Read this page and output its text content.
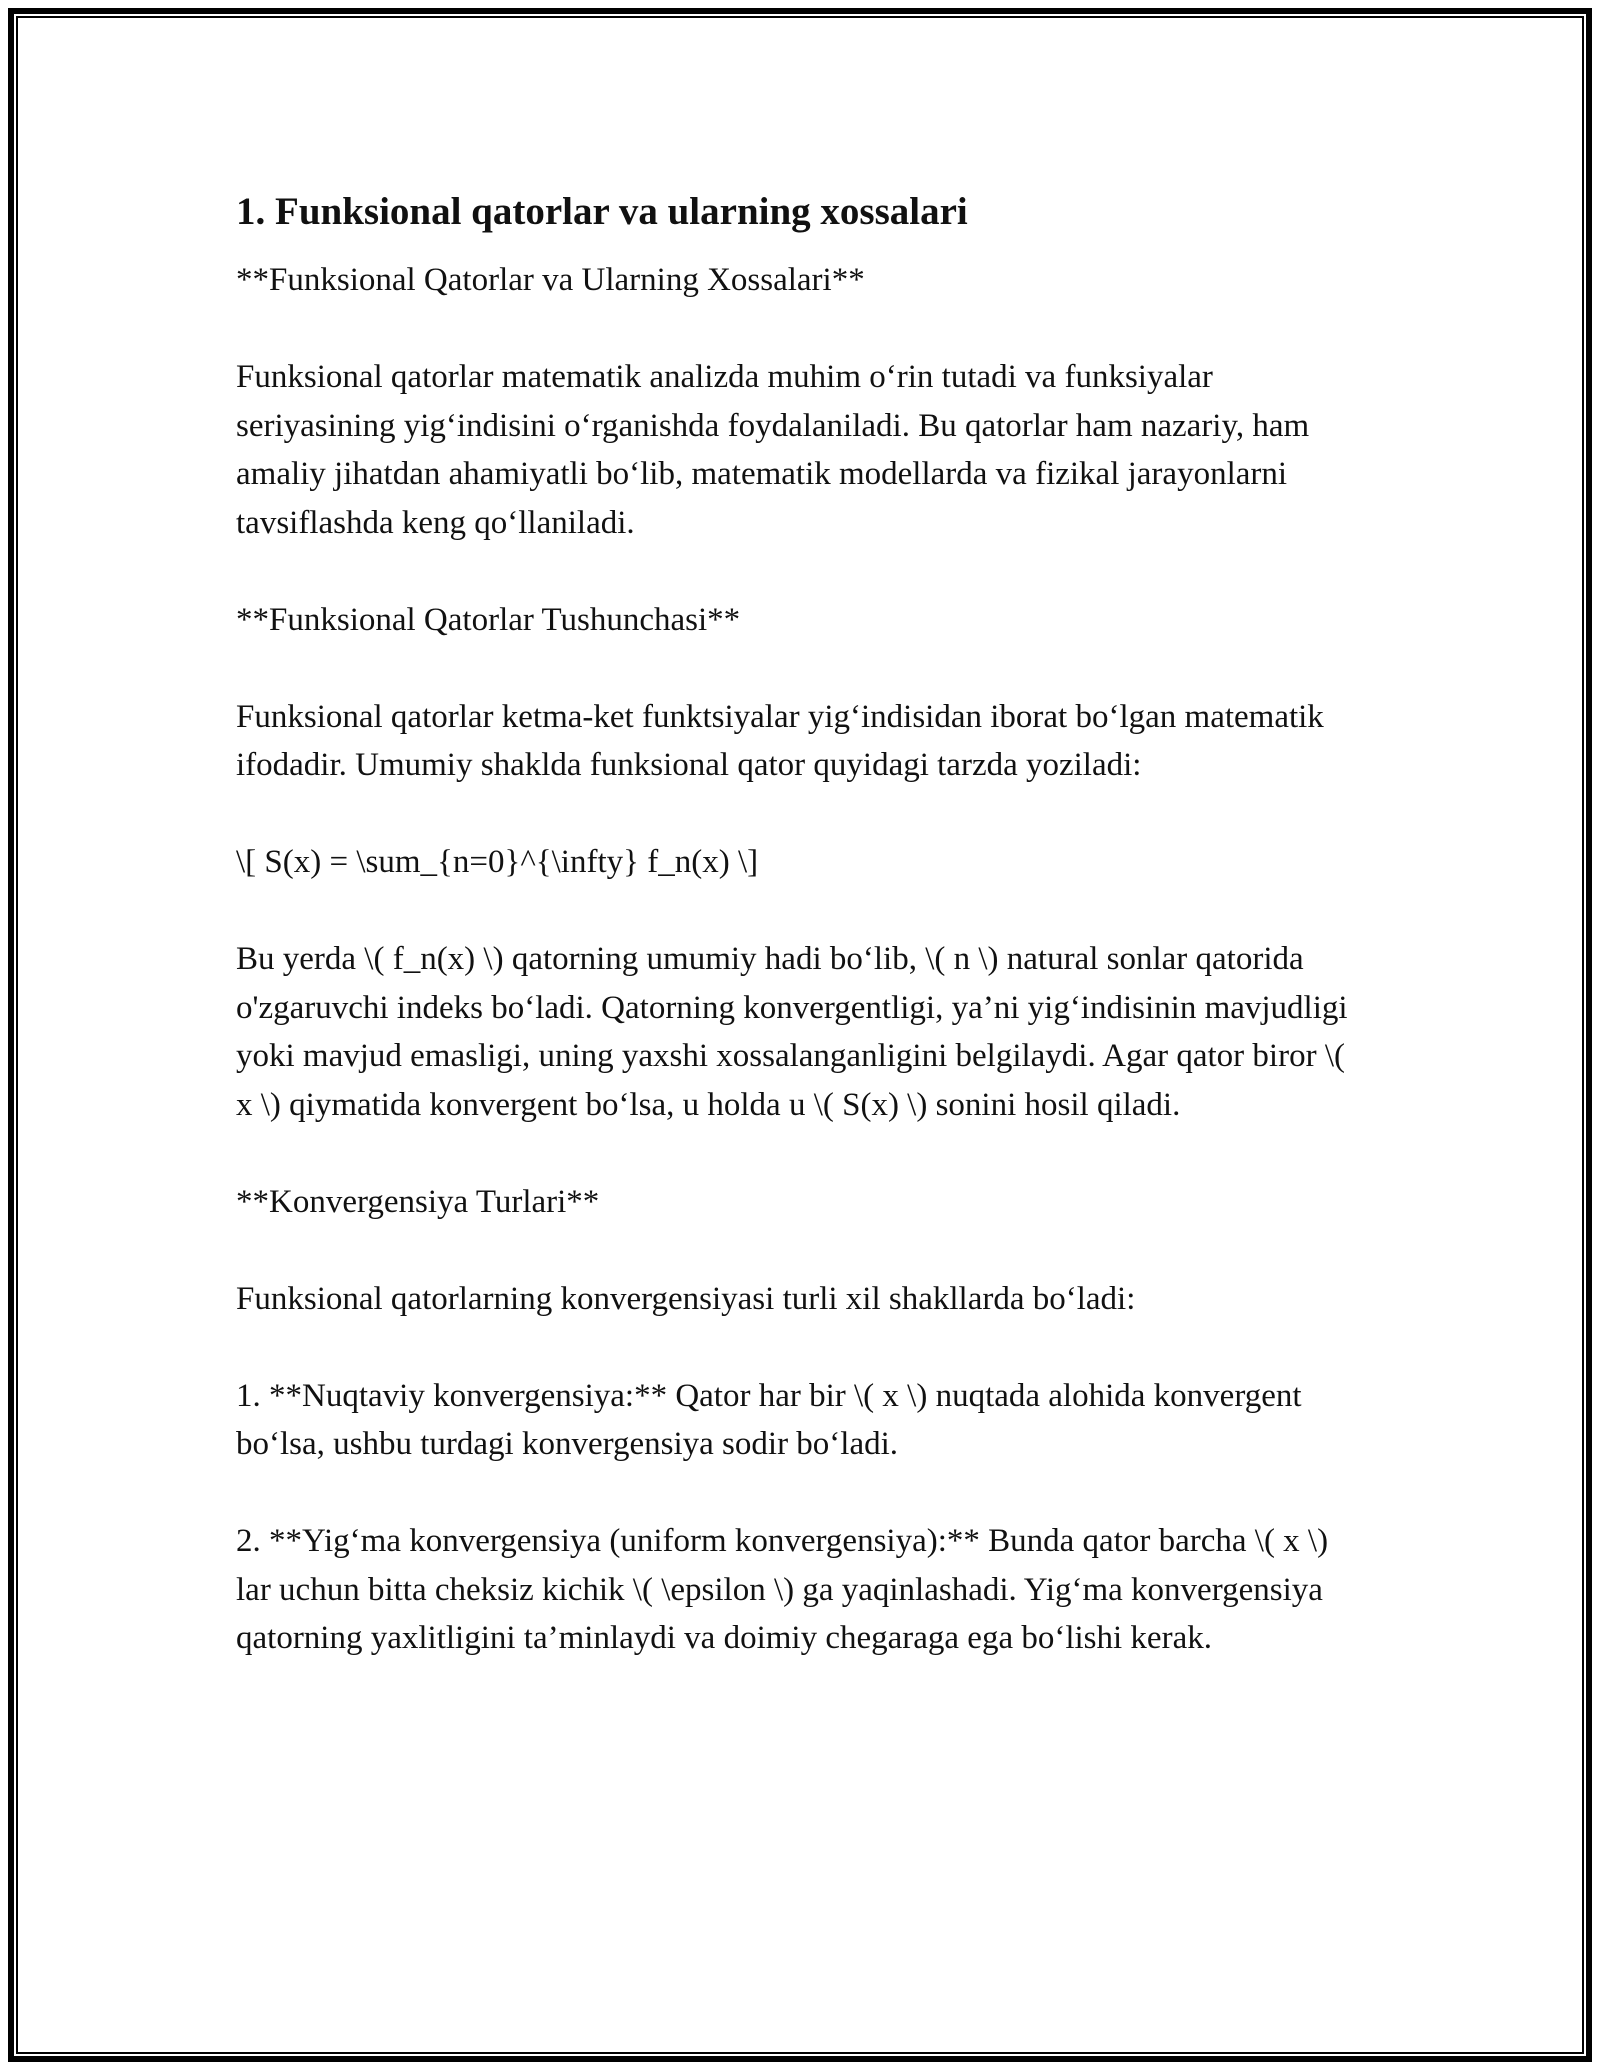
1. Funksional qatorlar va ularning xossalari

**Funksional Qatorlar va Ularning Xossalari**

Funksional qatorlar matematik analizda muhim o‘rin tutadi va funksiyalar seriyasining yig‘indisini o‘rganishda foydalaniladi. Bu qatorlar ham nazariy, ham amaliy jihatdan ahamiyatli bo‘lib, matematik modellarda va fizikal jarayonlarni tavsiflashda keng qo‘llaniladi.

**Funksional Qatorlar Tushunchasi**

Funksional qatorlar ketma-ket funktsiyalar yig‘indisidan iborat bo‘lgan matematik ifodadir. Umumiy shaklda funksional qator quyidagi tarzda yoziladi:

\[ S(x) = \sum_{n=0}^{\infty} f_n(x) \]

Bu yerda \( f_n(x) \) qatorning umumiy hadi bo‘lib, \( n \) natural sonlar qatorida o'zgaruvchi indeks bo‘ladi. Qatorning konvergentligi, ya’ni yig‘indisinin mavjudligi yoki mavjud emasligi, uning yaxshi xossalanganligini belgilaydi. Agar qator biror \( x \) qiymatida konvergent bo‘lsa, u holda u \( S(x) \) sonini hosil qiladi.

**Konvergensiya Turlari**

Funksional qatorlarning konvergensiyasi turli xil shakllarda bo‘ladi:

1. **Nuqtaviy konvergensiya:** Qator har bir \( x \) nuqtada alohida konvergent bo‘lsa, ushbu turdagi konvergensiya sodir bo‘ladi.

2. **Yig‘ma konvergensiya (uniform konvergensiya):** Bunda qator barcha \( x \) lar uchun bitta cheksiz kichik \( \epsilon \) ga yaqinlashadi. Yig‘ma konvergensiya qatorning yaxlitligini ta’minlaydi va doimiy chegaraga ega bo‘lishi kerak.
